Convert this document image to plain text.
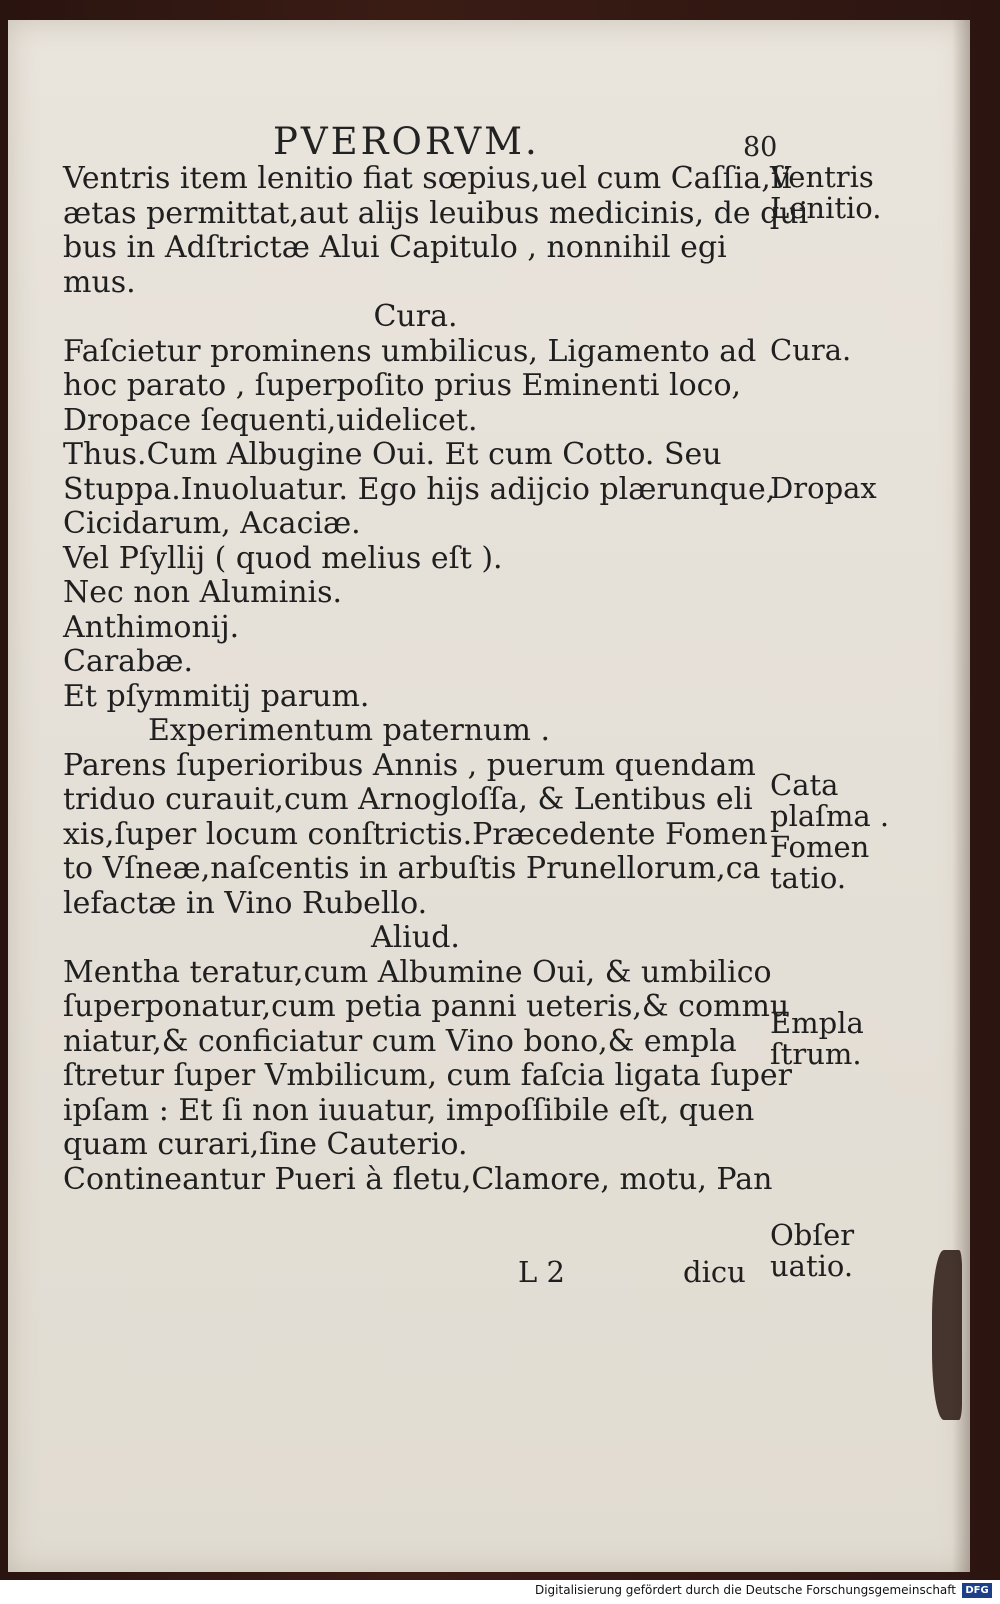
PVERORVM.	80
Ventris item lenitio fiat sœpius,uel cum Caſſia,ſi
ætas permittat,aut alijs leuibus medicinis, de qui
bus in Adſtrictæ Alui Capitulo , nonnihil egi
mus.
Cura.
Faſcietur prominens umbilicus, Ligamento ad
hoc parato , ſuperpoſito prius Eminenti loco,
Dropace ſequenti,uidelicet.
Thus.Cum Albugine Oui. Et cum Cotto. Seu
Stuppa.Inuoluatur. Ego hijs adijcio plærunque,
Cicidarum, Acaciæ.
Vel Pſyllij ( quod melius eſt ).
Nec non Aluminis.
Anthimonij.
Carabæ.
Et pſymmitij parum.
Experimentum paternum .
Parens ſuperioribus Annis , puerum quendam
triduo curauit,cum Arnogloſſa, & Lentibus eli
xis,ſuper locum conſtrictis.Præcedente Fomen
to Vſneæ,naſcentis in arbuſtis Prunellorum,ca
lefactæ in Vino Rubello.
Aliud.
Mentha teratur,cum Albumine Oui, & umbilico
ſuperponatur,cum petia panni ueteris,& commu
niatur,& conficiatur cum Vino bono,& empla
ſtretur ſuper Vmbilicum, cum faſcia ligata ſuper
ipſam : Et ſi non iuuatur, impoſſibile eſt, quen
quam curari,ſine Cauterio.
Contineantur Pueri à fletu,Clamore, motu, Pan
Ventris
Lenitio.
Cura.
Dropax
Cata
plaſma .
Fomen
tatio.
Empla
ſtrum.
Obſer
uatio.
L 2	dicu
Digitalisierung gefördert durch die Deutsche Forschungsgemeinschaft DFG
